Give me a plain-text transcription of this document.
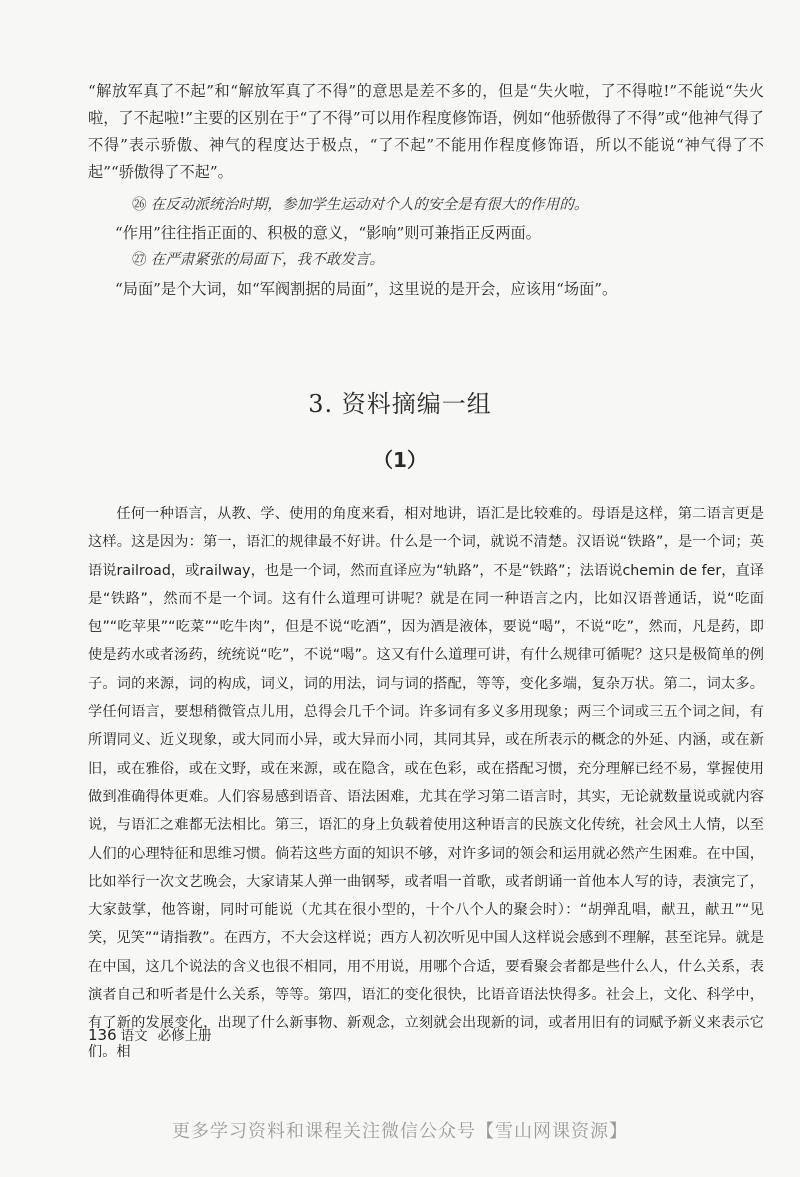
“解放军真了不起”和“解放军真了不得”的意思是差不多的，但是“失火啦，了不得啦!”不能说“失火啦，了不起啦!”主要的区别在于“了不得”可以用作程度修饰语，例如“他骄傲得了不得”或“他神气得了不得”表示骄傲、神气的程度达于极点，“了不起”不能用作程度修饰语，所以不能说“神气得了不起”“骄傲得了不起”。

㉖ 在反动派统治时期，参加学生运动对个人的安全是有很大的作用的。

“作用”往往指正面的、积极的意义，“影响”则可兼指正反两面。

㉗ 在严肃紧张的局面下，我不敢发言。

“局面”是个大词，如“军阀割据的局面”，这里说的是开会，应该用“场面”。

3. 资料摘编一组
（1）

任何一种语言，从教、学、使用的角度来看，相对地讲，语汇是比较难的。母语是这样，第二语言更是这样。这是因为：第一，语汇的规律最不好讲。什么是一个词，就说不清楚。汉语说“铁路”，是一个词；英语说railroad，或railway，也是一个词，然而直译应为“轨路”，不是“铁路”；法语说chemin de fer，直译是“铁路”，然而不是一个词。这有什么道理可讲呢？就是在同一种语言之内，比如汉语普通话，说“吃面包”“吃苹果”“吃菜”“吃牛肉”，但是不说“吃酒”，因为酒是液体，要说“喝”，不说“吃”，然而，凡是药，即使是药水或者汤药，统统说“吃”，不说“喝”。这又有什么道理可讲，有什么规律可循呢？这只是极简单的例子。词的来源，词的构成，词义，词的用法，词与词的搭配，等等，变化多端，复杂万状。第二，词太多。学任何语言，要想稍微管点儿用，总得会几千个词。许多词有多义多用现象；两三个词或三五个词之间，有所谓同义、近义现象，或大同而小异，或大异而小同，其同其异，或在所表示的概念的外延、内涵，或在新旧，或在雅俗，或在文野，或在来源，或在隐含，或在色彩，或在搭配习惯，充分理解已经不易，掌握使用做到准确得体更难。人们容易感到语音、语法困难，尤其在学习第二语言时，其实，无论就数量说或就内容说，与语汇之难都无法相比。第三，语汇的身上负载着使用这种语言的民族文化传统，社会风土人情，以至人们的心理特征和思维习惯。倘若这些方面的知识不够，对许多词的领会和运用就必然产生困难。在中国，比如举行一次文艺晚会，大家请某人弹一曲钢琴，或者唱一首歌，或者朗诵一首他本人写的诗，表演完了，大家鼓掌，他答谢，同时可能说（尤其在很小型的，十个八个人的聚会时）：“胡弹乱唱，献丑，献丑”“见笑，见笑”“请指教”。在西方，不大会这样说；西方人初次听见中国人这样说会感到不理解，甚至诧异。就是在中国，这几个说法的含义也很不相同，用不用说，用哪个合适，要看聚会者都是些什么人，什么关系，表演者自己和听者是什么关系，等等。第四，语汇的变化很快，比语音语法快得多。社会上，文化、科学中，有了新的发展变化，出现了什么新事物、新观念，立刻就会出现新的词，或者用旧有的词赋予新义来表示它们。相

136 语文 必修上册
更多学习资料和课程关注微信公众号【雪山网课资源】
